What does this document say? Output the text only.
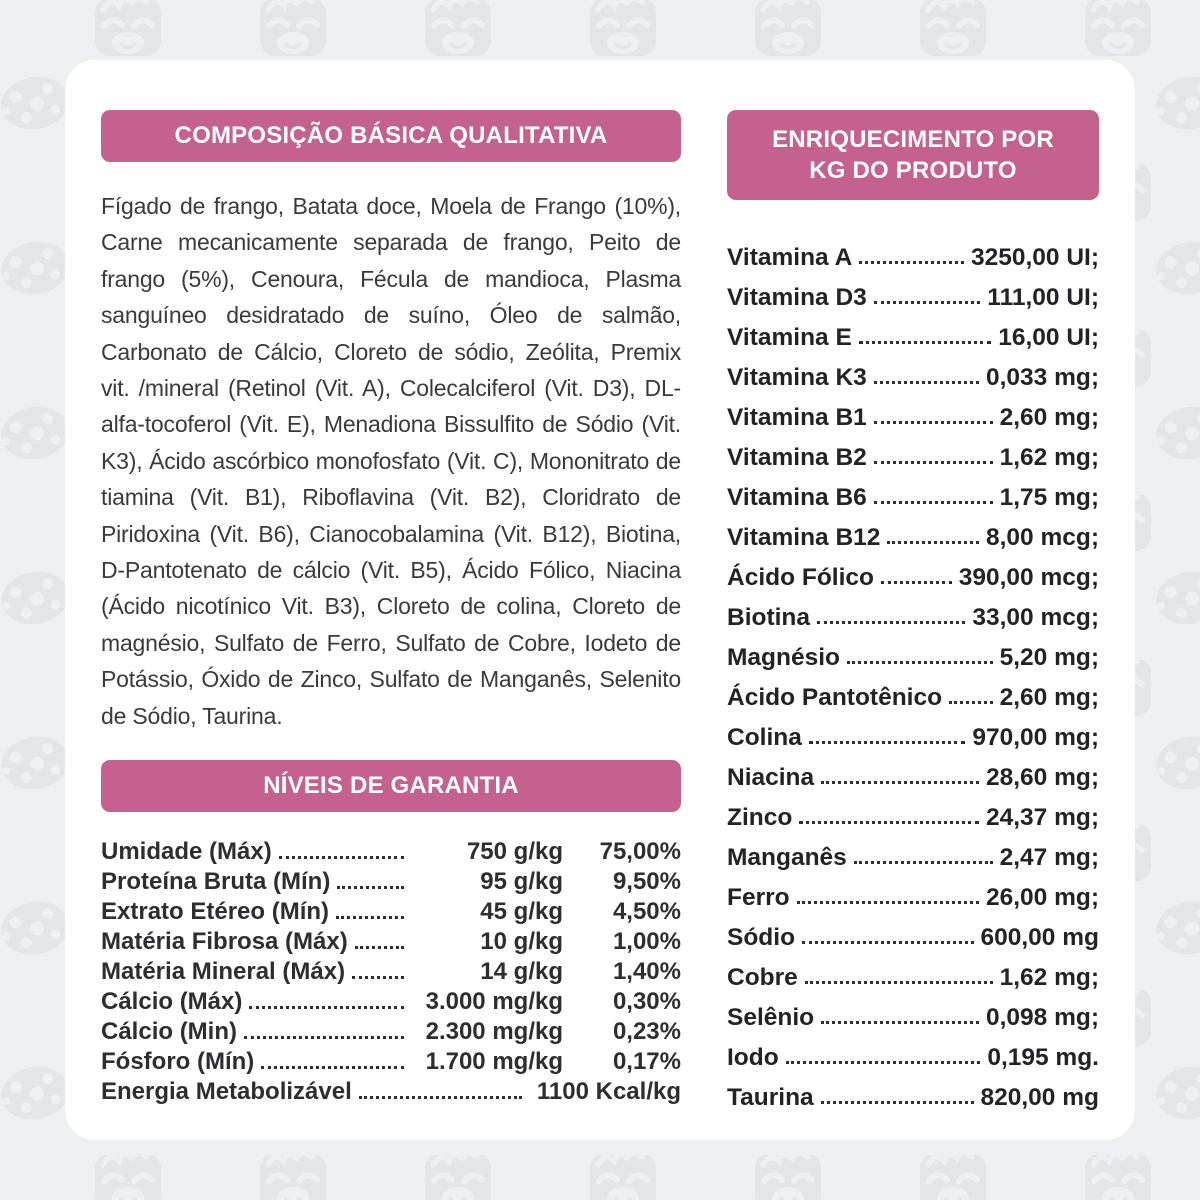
COMPOSIÇÃO BÁSICA QUALITATIVA
Fígado de frango, Batata doce, Moela de Frango (10%), Carne mecanicamente separada de frango, Peito de frango (5%), Cenoura, Fécula de mandioca, Plasma sanguíneo desidratado de suíno, Óleo de salmão, Carbonato de Cálcio, Cloreto de sódio, Zeólita, Premix vit. /mineral (Retinol (Vit. A), Colecalciferol (Vit. D3), DL-alfa-tocoferol (Vit. E), Menadiona Bissulfito de Sódio (Vit. K3), Ácido ascórbico monofosfato (Vit. C), Mononitrato de tiamina (Vit. B1), Riboflavina (Vit. B2), Cloridrato de Piridoxina (Vit. B6), Cianocobalamina (Vit. B12), Biotina, D-Pantotenato de cálcio (Vit. B5), Ácido Fólico, Niacina (Ácido nicotínico Vit. B3), Cloreto de colina, Cloreto de magnésio, Sulfato de Ferro, Sulfato de Cobre, Iodeto de Potássio, Óxido de Zinco, Sulfato de Manganês, Selenito de Sódio, Taurina.
NÍVEIS DE GARANTIA
Umidade (Máx)	750 g/kg	75,00%
Proteína Bruta (Mín)	95 g/kg	9,50%
Extrato Etéreo (Mín)	45 g/kg	4,50%
Matéria Fibrosa (Máx)	10 g/kg	1,00%
Matéria Mineral (Máx)	14 g/kg	1,40%
Cálcio (Máx)	3.000 mg/kg	0,30%
Cálcio (Min)	2.300 mg/kg	0,23%
Fósforo (Mín)	1.700 mg/kg	0,17%
Energia Metabolizável	1100 Kcal/kg
ENRIQUECIMENTO POR
KG DO PRODUTO
Vitamina A	3250,00 UI;
Vitamina D3	111,00 UI;
Vitamina E	16,00 UI;
Vitamina K3	0,033 mg;
Vitamina B1	2,60 mg;
Vitamina B2	1,62 mg;
Vitamina B6	1,75 mg;
Vitamina B12	8,00 mcg;
Ácido Fólico	390,00 mcg;
Biotina	33,00 mcg;
Magnésio	5,20 mg;
Ácido Pantotênico 2,60 mg;
Colina	970,00 mg;
Niacina	28,60 mg;
Zinco	24,37 mg;
Manganês	2,47 mg;
Ferro	26,00 mg;
Sódio	600,00 mg
Cobre	1,62 mg;
Selênio	0,098 mg;
Iodo	0,195 mg.
Taurina	820,00 mg
